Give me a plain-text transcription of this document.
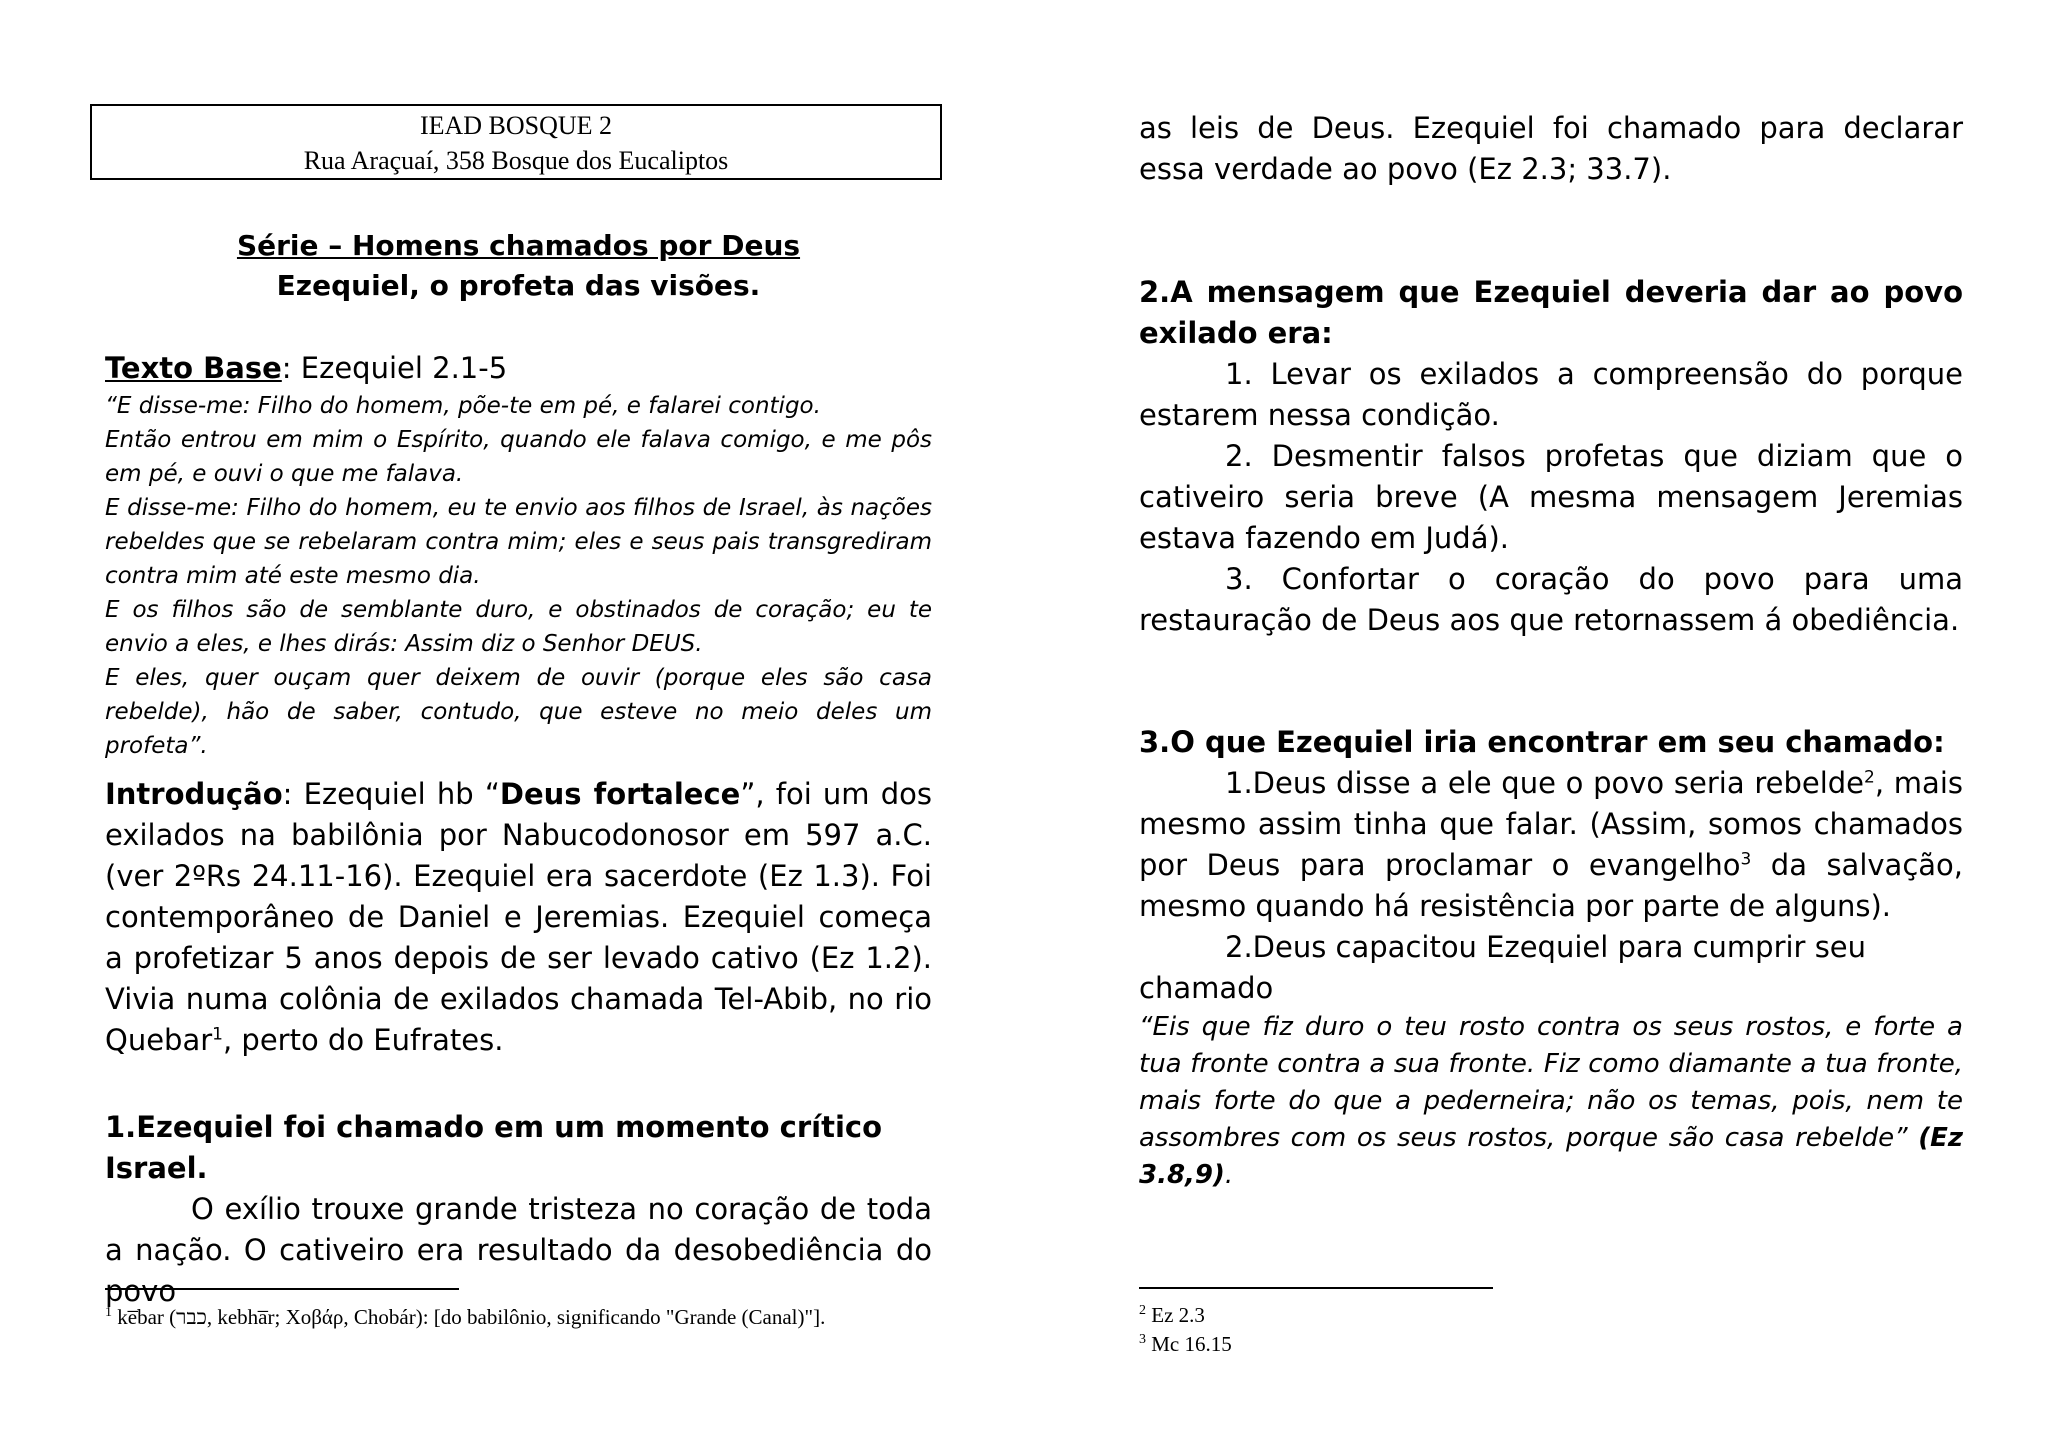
IEAD BOSQUE 2
Rua Araçuaí, 358 Bosque dos Eucaliptos
Série – Homens chamados por Deus
Ezequiel, o profeta das visões.

Texto Base: Ezequiel 2.1-5

“E disse-me: Filho do homem, põe-te em pé, e falarei contigo.

Então entrou em mim o Espírito, quando ele falava comigo, e me pôs em pé, e ouvi o que me falava.

E disse-me: Filho do homem, eu te envio aos filhos de Israel, às nações rebeldes que se rebelaram contra mim; eles e seus pais transgrediram contra mim até este mesmo dia.

E os filhos são de semblante duro, e obstinados de coração; eu te envio a eles, e lhes dirás: Assim diz o Senhor DEUS.

E eles, quer ouçam quer deixem de ouvir (porque eles são casa rebelde), hão de saber, contudo, que esteve no meio deles um profeta”.

Introdução: Ezequiel hb “Deus fortalece”, foi um dos exilados na babilônia por Nabucodonosor em 597 a.C. (ver 2ºRs 24.11-16). Ezequiel era sacerdote (Ez 1.3). Foi contemporâneo de Daniel e Jeremias. Ezequiel começa a profetizar 5 anos depois de ser levado cativo (Ez 1.2). Vivia numa colônia de exilados chamada Tel-Abib, no rio Quebar$^1$, perto do Eufrates.

1.Ezequiel foi chamado em um momento crítico Israel.

O exílio trouxe grande tristeza no coração de toda a nação. O cativeiro era resultado da desobediência do povo

$^1$ ke̅bar (כבר, kebha̅r; Χοβάρ, Chobár): [do babilônio, significando "Grande (Canal)"].

as leis de Deus. Ezequiel foi chamado para declarar essa verdade ao povo (Ez 2.3; 33.7).

2.A mensagem que Ezequiel deveria dar ao povo exilado era:

1. Levar os exilados a compreensão do porque estarem nessa condição.

2. Desmentir falsos profetas que diziam que o cativeiro seria breve (A mesma mensagem Jeremias estava fazendo em Judá).

3. Confortar o coração do povo para uma restauração de Deus aos que retornassem á obediência.

3.O que Ezequiel iria encontrar em seu chamado:

1.Deus disse a ele que o povo seria rebelde$^2$, mais mesmo assim tinha que falar. (Assim, somos chamados por Deus para proclamar o evangelho$^3$ da salvação, mesmo quando há resistência por parte de alguns).

2.Deus capacitou Ezequiel para cumprir seu chamado

“Eis que fiz duro o teu rosto contra os seus rostos, e forte a tua fronte contra a sua fronte. Fiz como diamante a tua fronte, mais forte do que a pederneira; não os temas, pois, nem te assombres com os seus rostos, porque são casa rebelde” (Ez 3.8,9).

$^2$ Ez 2.3
$^3$ Mc 16.15
